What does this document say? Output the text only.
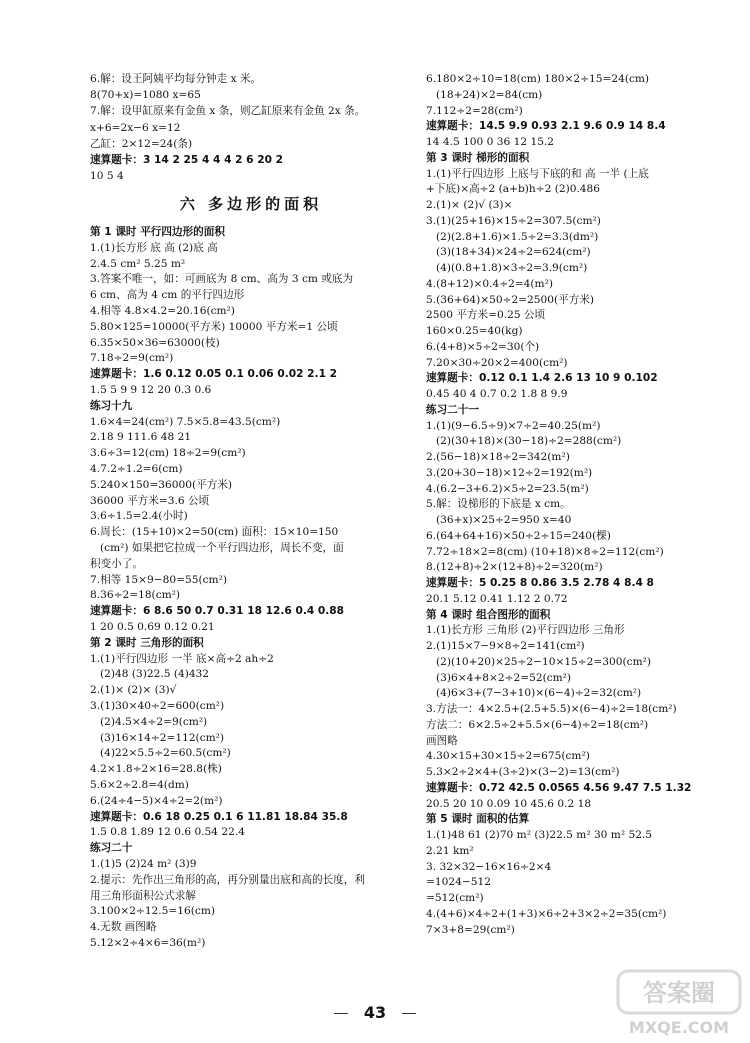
6.解：设王阿姨平均每分钟走 x 米。
8(70+x)=1080 x=65
7.解：设甲缸原来有金鱼 x 条，则乙缸原来有金鱼 2x 条。
x+6=2x−6 x=12
乙缸：2×12=24(条)
速算题卡：3 14 2 25 4 4 4 2 6 20 2
10 5 4
六 多边形的面积
第 1 课时 平行四边形的面积
1.(1)长方形 底 高 (2)底 高
2.4.5 cm² 5.25 m²
3.答案不唯一，如：可画底为 8 cm、高为 3 cm 或底为
6 cm、高为 4 cm 的平行四边形
4.相等 4.8×4.2=20.16(cm²)
5.80×125=10000(平方米) 10000 平方米=1 公顷
6.35×50×36=63000(枝)
7.18÷2=9(cm²)
速算题卡：1.6 0.12 0.05 0.1 0.06 0.02 2.1 2
1.5 5 9 9 12 20 0.3 0.6
练习十九
1.6×4=24(cm²) 7.5×5.8=43.5(cm²)
2.18 9 111.6 48 21
3.6÷3=12(cm) 18÷2=9(cm²)
4.7.2÷1.2=6(cm)
5.240×150=36000(平方米)
36000 平方米=3.6 公顷
3.6÷1.5=2.4(小时)
6.周长：(15+10)×2=50(cm) 面积：15×10=150
(cm²) 如果把它拉成一个平行四边形，周长不变，面
积变小了。
7.相等 15×9−80=55(cm²)
8.36÷2=18(cm²)
速算题卡：6 8.6 50 0.7 0.31 18 12.6 0.4 0.88
1 20 0.5 0.69 0.12 0.21
第 2 课时 三角形的面积
1.(1)平行四边形 一半 底×高÷2 ah÷2
(2)48 (3)22.5 (4)432
2.(1)× (2)× (3)√
3.(1)30×40÷2=600(cm²)
(2)4.5×4÷2=9(cm²)
(3)16×14÷2=112(cm²)
(4)22×5.5÷2=60.5(cm²)
4.2×1.8÷2×16=28.8(株)
5.6×2÷2.8=4(dm)
6.(24÷4−5)×4÷2=2(m²)
速算题卡：0.6 18 0.25 0.1 6 11.81 18.84 35.8
1.5 0.8 1.89 12 0.6 0.54 22.4
练习二十
1.(1)5 (2)24 m² (3)9
2.提示：先作出三角形的高，再分别量出底和高的长度，利
用三角形面积公式求解
3.100×2÷12.5=16(cm)
4.无数 画图略
5.12×2÷4×6=36(m²)
6.180×2÷10=18(cm) 180×2÷15=24(cm)
(18+24)×2=84(cm)
7.112÷2=28(cm²)
速算题卡：14.5 9.9 0.93 2.1 9.6 0.9 14 8.4
14 4.5 100 0 36 12 15.2
第 3 课时 梯形的面积
1.(1)平行四边形 上底与下底的和 高 一半 (上底
+下底)×高÷2 (a+b)h÷2 (2)0.486
2.(1)× (2)√ (3)×
3.(1)(25+16)×15÷2=307.5(cm²)
(2)(2.8+1.6)×1.5÷2=3.3(dm²)
(3)(18+34)×24÷2=624(cm²)
(4)(0.8+1.8)×3÷2=3.9(cm²)
4.(8+12)×0.4÷2=4(m²)
5.(36+64)×50÷2=2500(平方米)
2500 平方米=0.25 公顷
160×0.25=40(kg)
6.(4+8)×5÷2=30(个)
7.20×30÷20×2=400(cm²)
速算题卡：0.12 0.1 1.4 2.6 13 10 9 0.102
0.45 40 4 0.7 0.2 1.8 8 9.9
练习二十一
1.(1)(9−6.5÷9)×7÷2=40.25(m²)
(2)(30+18)×(30−18)÷2=288(cm²)
2.(56−18)×18÷2=342(m²)
3.(20+30−18)×12÷2=192(m²)
4.(6.2−3+6.2)×5÷2=23.5(m²)
5.解：设梯形的下底是 x cm。
(36+x)×25÷2=950 x=40
6.(64+64+16)×50÷2÷15=240(棵)
7.72÷18×2=8(cm) (10+18)×8÷2=112(cm²)
8.(12+8)÷2×(12+8)÷2=320(m²)
速算题卡：5 0.25 8 0.86 3.5 2.78 4 8.4 8
20.1 5.12 0.41 1.12 2 0.72
第 4 课时 组合图形的面积
1.(1)长方形 三角形 (2)平行四边形 三角形
2.(1)15×7−9×8÷2=141(cm²)
(2)(10+20)×25÷2−10×15÷2=300(cm²)
(3)6×4+8×2÷2=52(cm²)
(4)6×3+(7−3+10)×(6−4)÷2=32(cm²)
3.方法一：4×2.5+(2.5+5.5)×(6−4)÷2=18(cm²)
方法二：6×2.5÷2+5.5×(6−4)÷2=18(cm²)
画图略
4.30×15+30×15÷2=675(cm²)
5.3×2÷2×4+(3÷2)×(3−2)=13(cm²)
速算题卡：0.72 42.5 0.0565 4.56 9.47 7.5 1.32
20.5 20 10 0.09 10 45.6 0.2 18
第 5 课时 面积的估算
1.(1)48 61 (2)70 m² (3)22.5 m² 30 m² 52.5
2.21 km²
3. 32×32−16×16÷2×4
=1024−512
=512(cm²)
4.(4+6)×4÷2+(1+3)×6÷2+3×2÷2=35(cm²)
7×3+8=29(cm²)
43
答案圈
MXQE.COM
